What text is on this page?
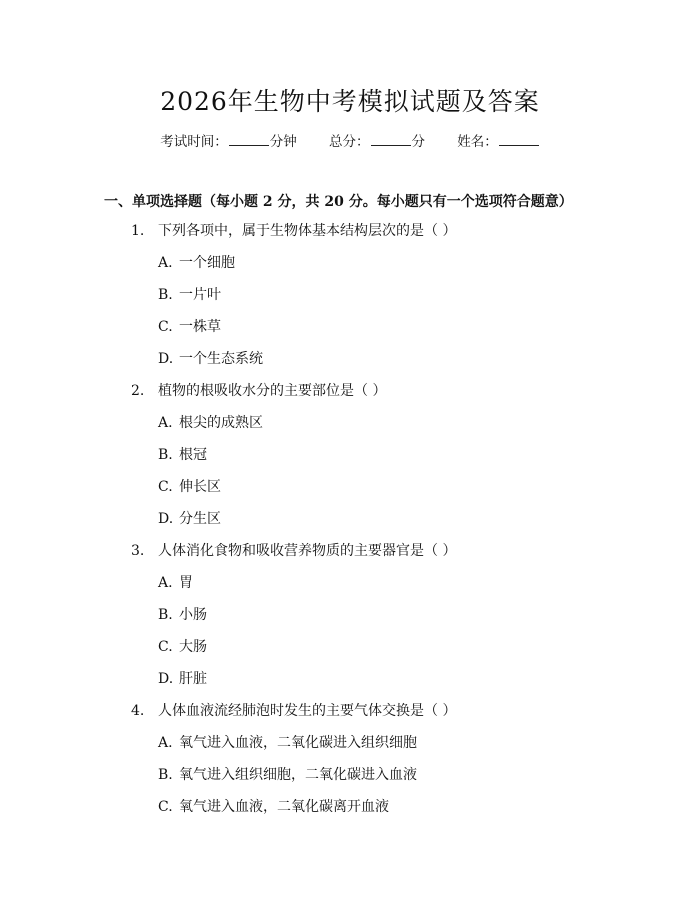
2026年生物中考模拟试题及答案
考试时间：	分钟 总分：	分 姓名：
一、单项选择题（每小题 2 分，共 20 分。每小题只有一个选项符合题意）
1. 下列各项中，属于生物体基本结构层次的是（ ）
A. 一个细胞
B. 一片叶
C. 一株草
D. 一个生态系统
2. 植物的根吸收水分的主要部位是（ ）
A. 根尖的成熟区
B. 根冠
C. 伸长区
D. 分生区
3. 人体消化食物和吸收营养物质的主要器官是（ ）
A. 胃
B. 小肠
C. 大肠
D. 肝脏
4. 人体血液流经肺泡时发生的主要气体交换是（ ）
A. 氧气进入血液，二氧化碳进入组织细胞
B. 氧气进入组织细胞，二氧化碳进入血液
C. 氧气进入血液，二氧化碳离开血液
